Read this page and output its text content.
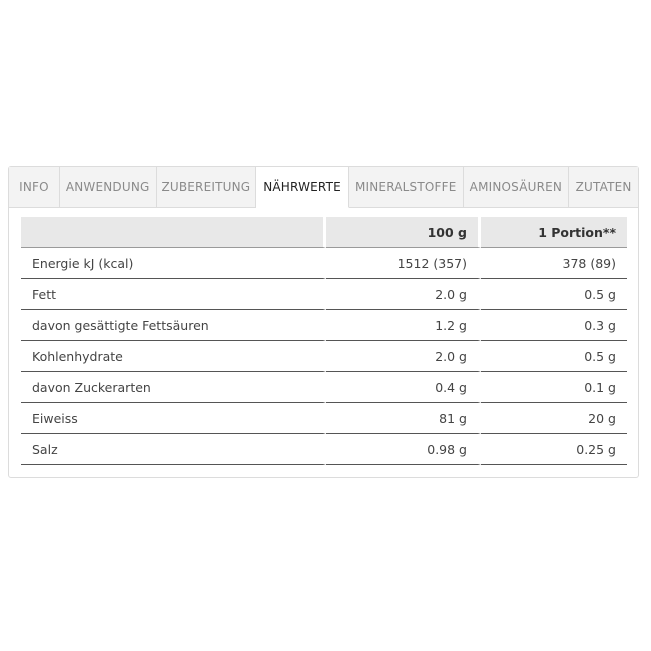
INFO ANWENDUNG ZUBEREITUNG NÄHRWERTE MINERALSTOFFE AMINOSÄUREN ZUTATEN
	100 g	1 Portion**
Energie kJ (kcal)	1512 (357)	378 (89)
Fett	2.0 g	0.5 g
davon gesättigte Fettsäuren	1.2 g	0.3 g
Kohlenhydrate	2.0 g	0.5 g
davon Zuckerarten	0.4 g	0.1 g
Eiweiss	81 g	20 g
Salz	0.98 g	0.25 g
